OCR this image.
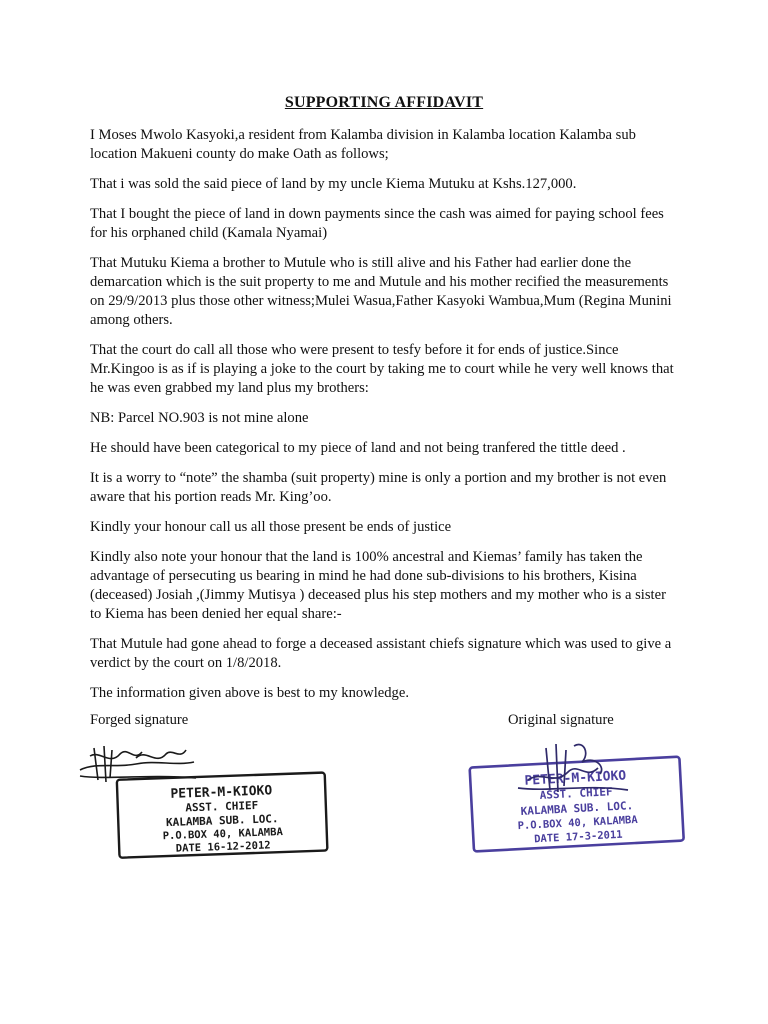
SUPPORTING AFFIDAVIT

I Moses Mwolo Kasyoki,a resident from Kalamba division in Kalamba location Kalamba sub location Makueni county do make Oath as follows;

That i was sold the said piece of land by my uncle Kiema Mutuku at Kshs.127,000.

That I bought the piece of land in down payments since the cash was aimed for paying school fees for his orphaned child (Kamala Nyamai)

That Mutuku Kiema a brother to Mutule who is still alive and his Father had earlier done the demarcation which is the suit property to me and Mutule and his mother recified the measurements on 29/9/2013 plus those other witness;Mulei Wasua,Father Kasyoki Wambua,Mum (Regina Munini among others.

That the court do call all those who were present to tesfy before it for ends of justice.Since Mr.Kingoo is as if is playing a joke to the court by taking me to court while he very well knows that he was even grabbed my land plus my brothers:

NB: Parcel NO.903 is not mine alone

He should have been categorical to my piece of land and not being tranfered the tittle deed .

It is a worry to “note” the shamba (suit property) mine is only a portion and my brother is not even aware that his portion reads Mr. King’oo.

Kindly your honour call us all those present be ends of justice

Kindly also note your honour that the land is 100% ancestral and Kiemas’ family has taken the advantage of persecuting us bearing in mind he had done sub-divisions to his brothers, Kisina (deceased) Josiah ,(Jimmy Mutisya ) deceased plus his step mothers and my mother who is a sister to Kiema has been denied her equal share:-

That Mutule had gone ahead to forge a deceased assistant chiefs signature which was used to give a verdict by the court on 1/8/2018.

The information given above is best to my knowledge.

Forged signature	Original signature
PETER-M-KIOKO
ASST. CHIEF
KALAMBA SUB. LOC.
P.O.BOX 40, KALAMBA
DATE 16-12-2012
PETER-M-KIOKO
ASST. CHIEF
KALAMBA SUB. LOC.
P.O.BOX 40, KALAMBA
DATE 17-3-2011
